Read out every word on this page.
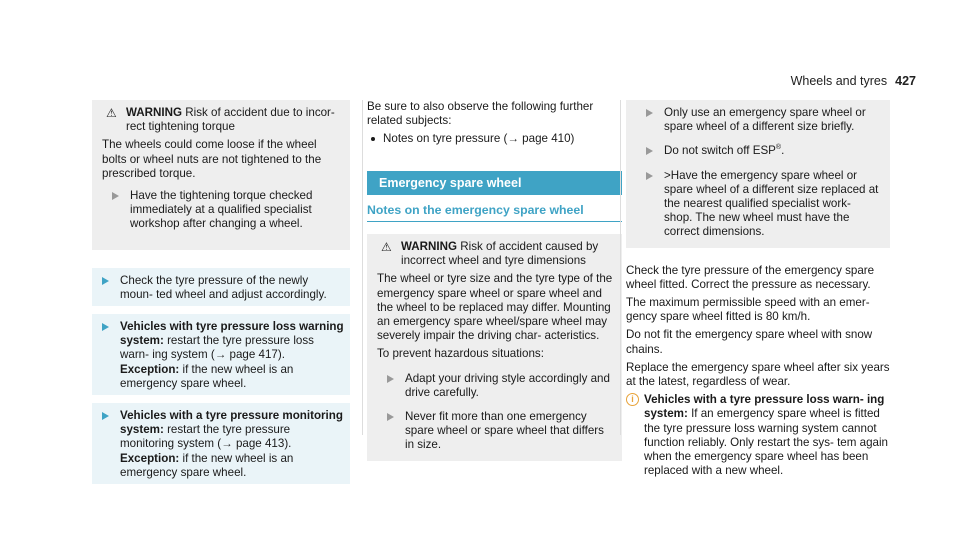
Wheels and tyres 427

⚠ WARNING Risk of accident due to incor- rect tightening torque

The wheels could come loose if the wheel bolts or wheel nuts are not tightened to the prescribed torque.

Have the tightening torque checked immediately at a qualified specialist workshop after changing a wheel.
Check the tyre pressure of the newly moun- ted wheel and adjust accordingly.
Vehicles with tyre pressure loss warning system: restart the tyre pressure loss warn- ing system (→ page 417).
Exception: if the new wheel is an emergency spare wheel.
Vehicles with a tyre pressure monitoring system: restart the tyre pressure monitoring system (→ page 413).
Exception: if the new wheel is an emergency spare wheel.

Be sure to also observe the following further related subjects:

Notes on tyre pressure (→ page 410)
Emergency spare wheel
Notes on the emergency spare wheel

⚠ WARNING Risk of accident caused by incorrect wheel and tyre dimensions

The wheel or tyre size and the tyre type of the emergency spare wheel or spare wheel and the wheel to be replaced may differ. Mounting an emergency spare wheel/spare wheel may severely impair the driving char- acteristics.

To prevent hazardous situations:

Adapt your driving style accordingly and drive carefully.
Never fit more than one emergency spare wheel or spare wheel that differs in size.
Only use an emergency spare wheel or spare wheel of a different size briefly.
Do not switch off ESP®.
>Have the emergency spare wheel or spare wheel of a different size replaced at the nearest qualified specialist work- shop. The new wheel must have the correct dimensions.

Check the tyre pressure of the emergency spare wheel fitted. Correct the pressure as necessary.

The maximum permissible speed with an emer- gency spare wheel fitted is 80 km/h.

Do not fit the emergency spare wheel with snow chains.

Replace the emergency spare wheel after six years at the latest, regardless of wear.

i Vehicles with a tyre pressure loss warn- ing system: If an emergency spare wheel is fitted the tyre pressure loss warning system cannot function reliably. Only restart the sys- tem again when the emergency spare wheel has been replaced with a new wheel.
